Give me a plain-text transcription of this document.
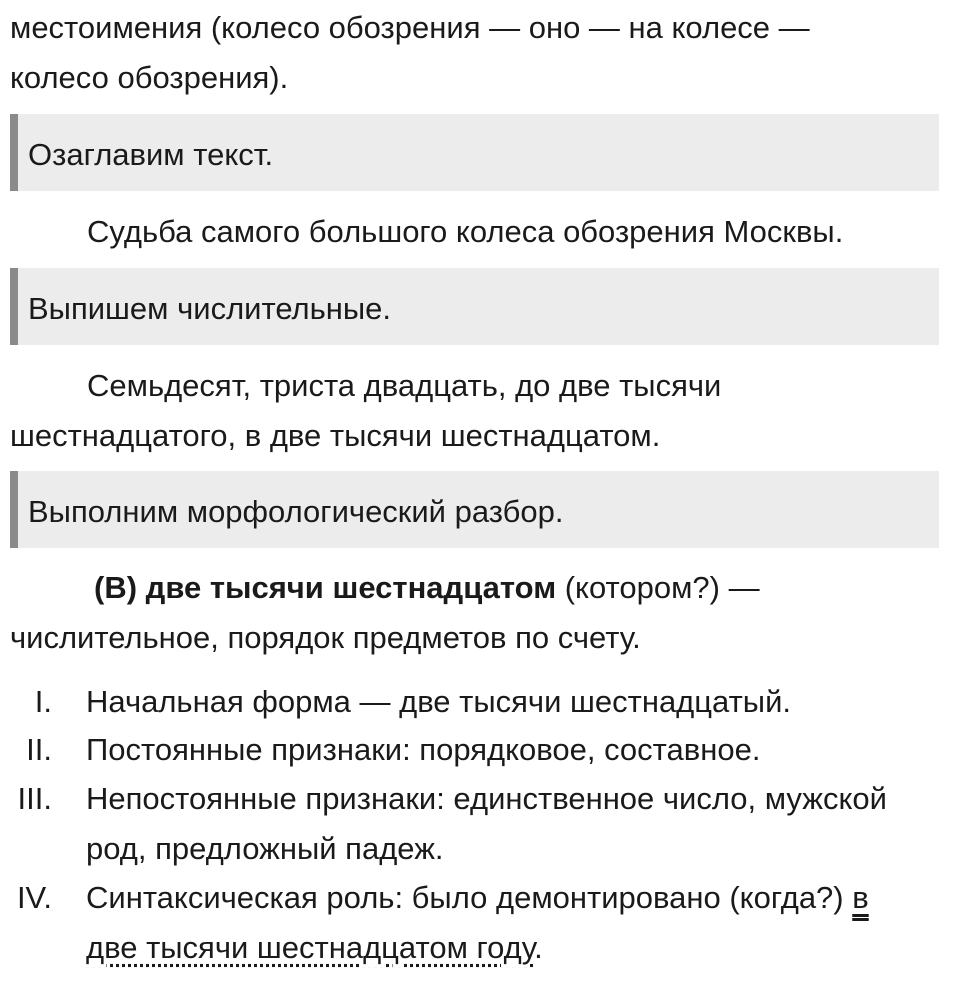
местоимения (колесо обозрения — оно — на колесе —
колесо обозрения).

Озаглавим текст.

Судьба самого большого колеса обозрения Москвы.

Выпишем числительные.

Семьдесят, триста двадцать, до две тысячи
шестнадцатого, в две тысячи шестнадцатом.

Выполним морфологический разбор.

(В) две тысячи шестнадцатом (котором?) —
числительное, порядок предметов по счету.

I. Начальная форма — две тысячи шестнадцатый.
II. Постоянные признаки: порядковое, составное.
III. Непостоянные признаки: единственное число, мужской
род, предложный падеж.
IV. Синтаксическая роль: было демонтировано (когда?) в
две тысячи шестнадцатом году.
